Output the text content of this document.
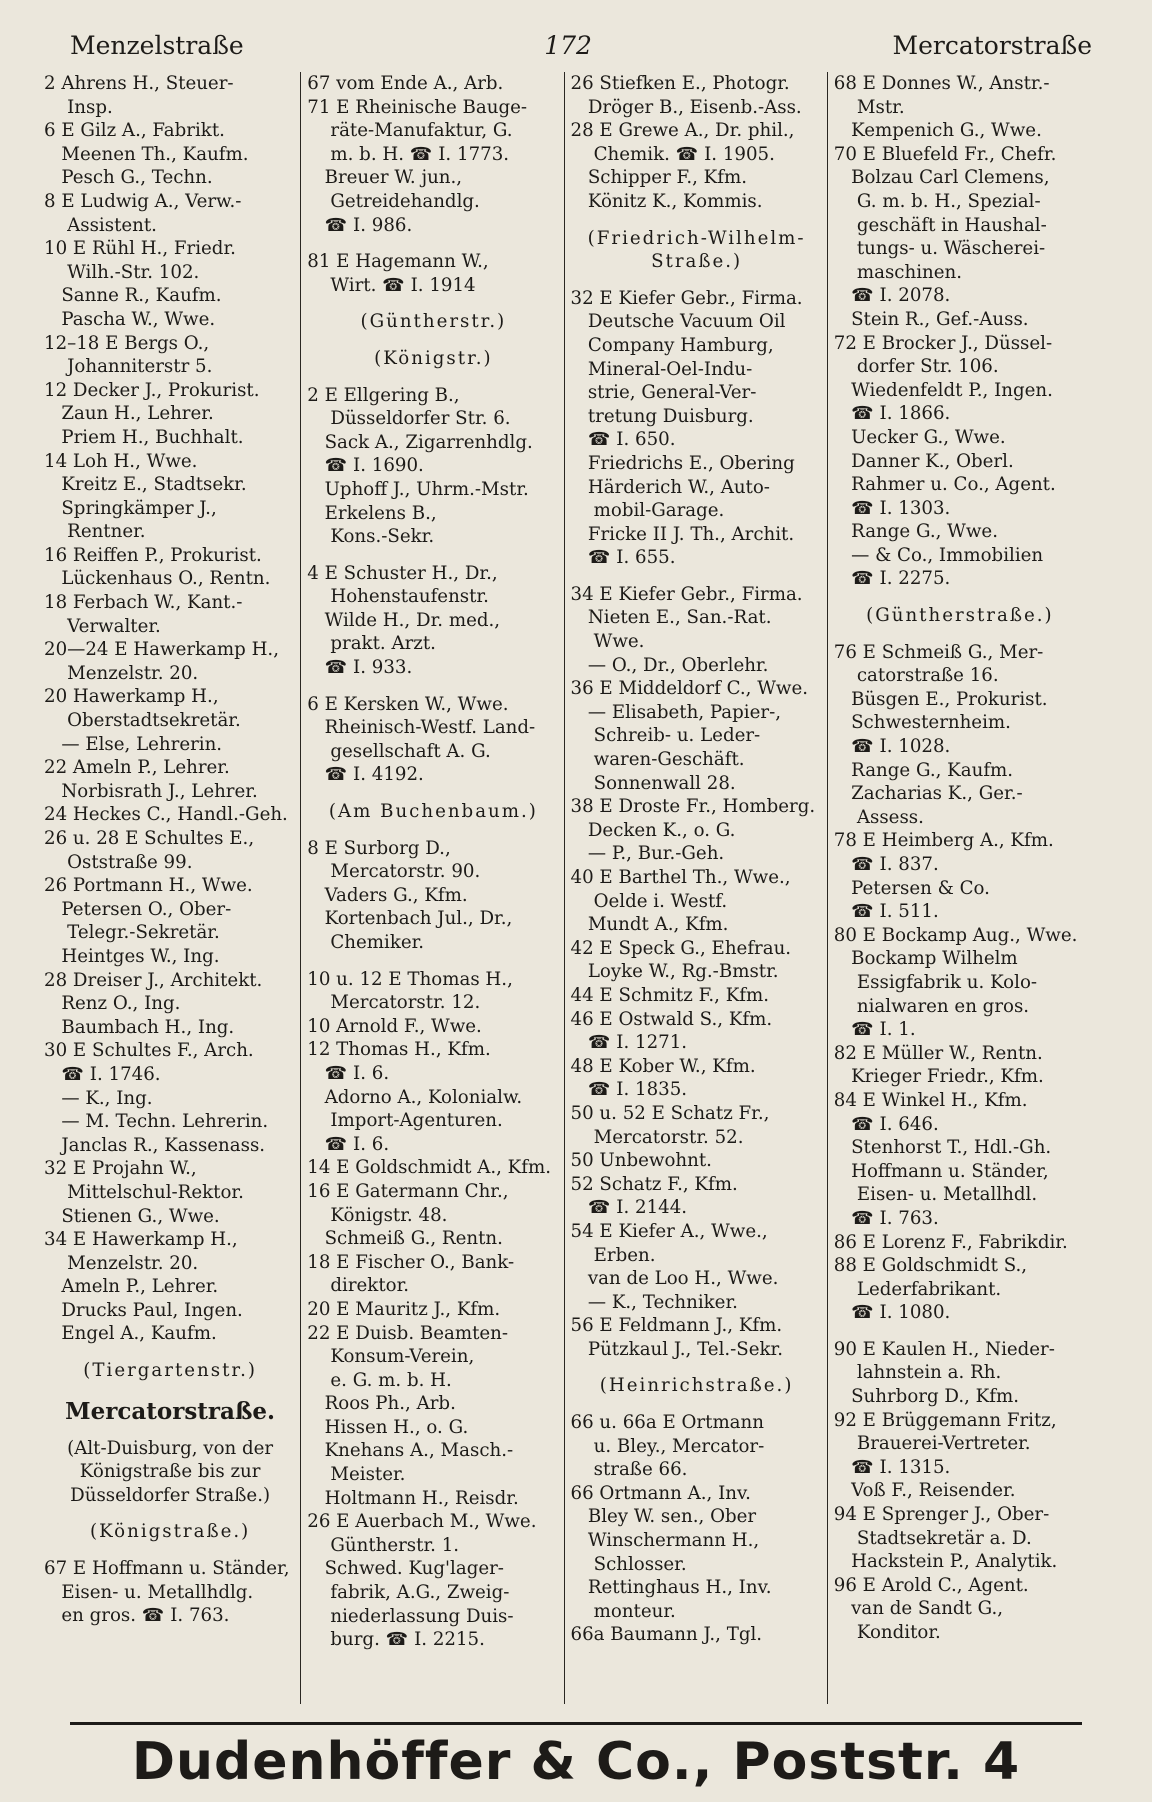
Menzelstraße	172	Mercatorstraße
2 Ahrens H., Steuer-
Insp.
6 E Gilz A., Fabrikt.
Meenen Th., Kaufm.
Pesch G., Techn.
8 E Ludwig A., Verw.-
Assistent.
10 E Rühl H., Friedr.
Wilh.-Str. 102.
Sanne R., Kaufm.
Pascha W., Wwe.
12–18 E Bergs O.,
Johanniterstr 5.
12 Decker J., Prokurist.
Zaun H., Lehrer.
Priem H., Buchhalt.
14 Loh H., Wwe.
Kreitz E., Stadtsekr.
Springkämper J.,
Rentner.
16 Reiffen P., Prokurist.
Lückenhaus O., Rentn.
18 Ferbach W., Kant.-
Verwalter.
20—24 E Hawerkamp H.,
Menzelstr. 20.
20 Hawerkamp H.,
Oberstadtsekretär.
— Else, Lehrerin.
22 Ameln P., Lehrer.
Norbisrath J., Lehrer.
24 Heckes C., Handl.-Geh.
26 u. 28 E Schultes E.,
Oststraße 99.
26 Portmann H., Wwe.
Petersen O., Ober-
Telegr.-Sekretär.
Heintges W., Ing.
28 Dreiser J., Architekt.
Renz O., Ing.
Baumbach H., Ing.
30 E Schultes F., Arch.
☎ I. 1746.
— K., Ing.
— M. Techn. Lehrerin.
Janclas R., Kassenass.
32 E Projahn W.,
Mittelschul-Rektor.
Stienen G., Wwe.
34 E Hawerkamp H.,
Menzelstr. 20.
Ameln P., Lehrer.
Drucks Paul, Ingen.
Engel A., Kaufm.
(Tiergartenstr.)
Mercatorstraße.
(Alt-Duisburg, von der
Königstraße bis zur
Düsseldorfer Straße.)
(Königstraße.)
67 E Hoffmann u. Ständer,
Eisen- u. Metallhdlg.
en gros. ☎ I. 763.
67 vom Ende A., Arb.
71 E Rheinische Bauge-
räte-Manufaktur, G.
m. b. H. ☎ I. 1773.
Breuer W. jun.,
Getreidehandlg.
☎ I. 986.
81 E Hagemann W.,
Wirt. ☎ I. 1914
(Güntherstr.)
(Königstr.)
2 E Ellgering B.,
Düsseldorfer Str. 6.
Sack A., Zigarrenhdlg.
☎ I. 1690.
Uphoff J., Uhrm.-Mstr.
Erkelens B.,
Kons.-Sekr.
4 E Schuster H., Dr.,
Hohenstaufenstr.
Wilde H., Dr. med.,
prakt. Arzt.
☎ I. 933.
6 E Kersken W., Wwe.
Rheinisch-Westf. Land-
gesellschaft A. G.
☎ I. 4192.
(Am Buchenbaum.)
8 E Surborg D.,
Mercatorstr. 90.
Vaders G., Kfm.
Kortenbach Jul., Dr.,
Chemiker.
10 u. 12 E Thomas H.,
Mercatorstr. 12.
10 Arnold F., Wwe.
12 Thomas H., Kfm.
☎ I. 6.
Adorno A., Kolonialw.
Import-Agenturen.
☎ I. 6.
14 E Goldschmidt A., Kfm.
16 E Gatermann Chr.,
Königstr. 48.
Schmeiß G., Rentn.
18 E Fischer O., Bank-
direktor.
20 E Mauritz J., Kfm.
22 E Duisb. Beamten-
Konsum-Verein,
e. G. m. b. H.
Roos Ph., Arb.
Hissen H., o. G.
Knehans A., Masch.-
Meister.
Holtmann H., Reisdr.
26 E Auerbach M., Wwe.
Güntherstr. 1.
Schwed. Kug'lager-
fabrik, A.G., Zweig-
niederlassung Duis-
burg. ☎ I. 2215.
26 Stiefken E., Photogr.
Dröger B., Eisenb.-Ass.
28 E Grewe A., Dr. phil.,
Chemik. ☎ I. 1905.
Schipper F., Kfm.
Könitz K., Kommis.
(Friedrich-Wilhelm-
Straße.)
32 E Kiefer Gebr., Firma.
Deutsche Vacuum Oil
Company Hamburg,
Mineral-Oel-Indu-
strie, General-Ver-
tretung Duisburg.
☎ I. 650.
Friedrichs E., Obering
Härderich W., Auto-
mobil-Garage.
Fricke II J. Th., Archit.
☎ I. 655.
34 E Kiefer Gebr., Firma.
Nieten E., San.-Rat.
Wwe.
— O., Dr., Oberlehr.
36 E Middeldorf C., Wwe.
— Elisabeth, Papier-,
Schreib- u. Leder-
waren-Geschäft.
Sonnenwall 28.
38 E Droste Fr., Homberg.
Decken K., o. G.
— P., Bur.-Geh.
40 E Barthel Th., Wwe.,
Oelde i. Westf.
Mundt A., Kfm.
42 E Speck G., Ehefrau.
Loyke W., Rg.-Bmstr.
44 E Schmitz F., Kfm.
46 E Ostwald S., Kfm.
☎ I. 1271.
48 E Kober W., Kfm.
☎ I. 1835.
50 u. 52 E Schatz Fr.,
Mercatorstr. 52.
50 Unbewohnt.
52 Schatz F., Kfm.
☎ I. 2144.
54 E Kiefer A., Wwe.,
Erben.
van de Loo H., Wwe.
— K., Techniker.
56 E Feldmann J., Kfm.
Pützkaul J., Tel.-Sekr.
(Heinrichstraße.)
66 u. 66a E Ortmann
u. Bley., Mercator-
straße 66.
66 Ortmann A., Inv.
Bley W. sen., Ober
Winschermann H.,
Schlosser.
Rettinghaus H., Inv.
monteur.
66a Baumann J., Tgl.
68 E Donnes W., Anstr.-
Mstr.
Kempenich G., Wwe.
70 E Bluefeld Fr., Chefr.
Bolzau Carl Clemens,
G. m. b. H., Spezial-
geschäft in Haushal-
tungs- u. Wäscherei-
maschinen.
☎ I. 2078.
Stein R., Gef.-Auss.
72 E Brocker J., Düssel-
dorfer Str. 106.
Wiedenfeldt P., Ingen.
☎ I. 1866.
Uecker G., Wwe.
Danner K., Oberl.
Rahmer u. Co., Agent.
☎ I. 1303.
Range G., Wwe.
— & Co., Immobilien
☎ I. 2275.
(Güntherstraße.)
76 E Schmeiß G., Mer-
catorstraße 16.
Büsgen E., Prokurist.
Schwesternheim.
☎ I. 1028.
Range G., Kaufm.
Zacharias K., Ger.-
Assess.
78 E Heimberg A., Kfm.
☎ I. 837.
Petersen & Co.
☎ I. 511.
80 E Bockamp Aug., Wwe.
Bockamp Wilhelm
Essigfabrik u. Kolo-
nialwaren en gros.
☎ I. 1.
82 E Müller W., Rentn.
Krieger Friedr., Kfm.
84 E Winkel H., Kfm.
☎ I. 646.
Stenhorst T., Hdl.-Gh.
Hoffmann u. Ständer,
Eisen- u. Metallhdl.
☎ I. 763.
86 E Lorenz F., Fabrikdir.
88 E Goldschmidt S.,
Lederfabrikant.
☎ I. 1080.
90 E Kaulen H., Nieder-
lahnstein a. Rh.
Suhrborg D., Kfm.
92 E Brüggemann Fritz,
Brauerei-Vertreter.
☎ I. 1315.
Voß F., Reisender.
94 E Sprenger J., Ober-
Stadtsekretär a. D.
Hackstein P., Analytik.
96 E Arold C., Agent.
van de Sandt G.,
Konditor.
Dudenhöffer & Co., Poststr. 4
